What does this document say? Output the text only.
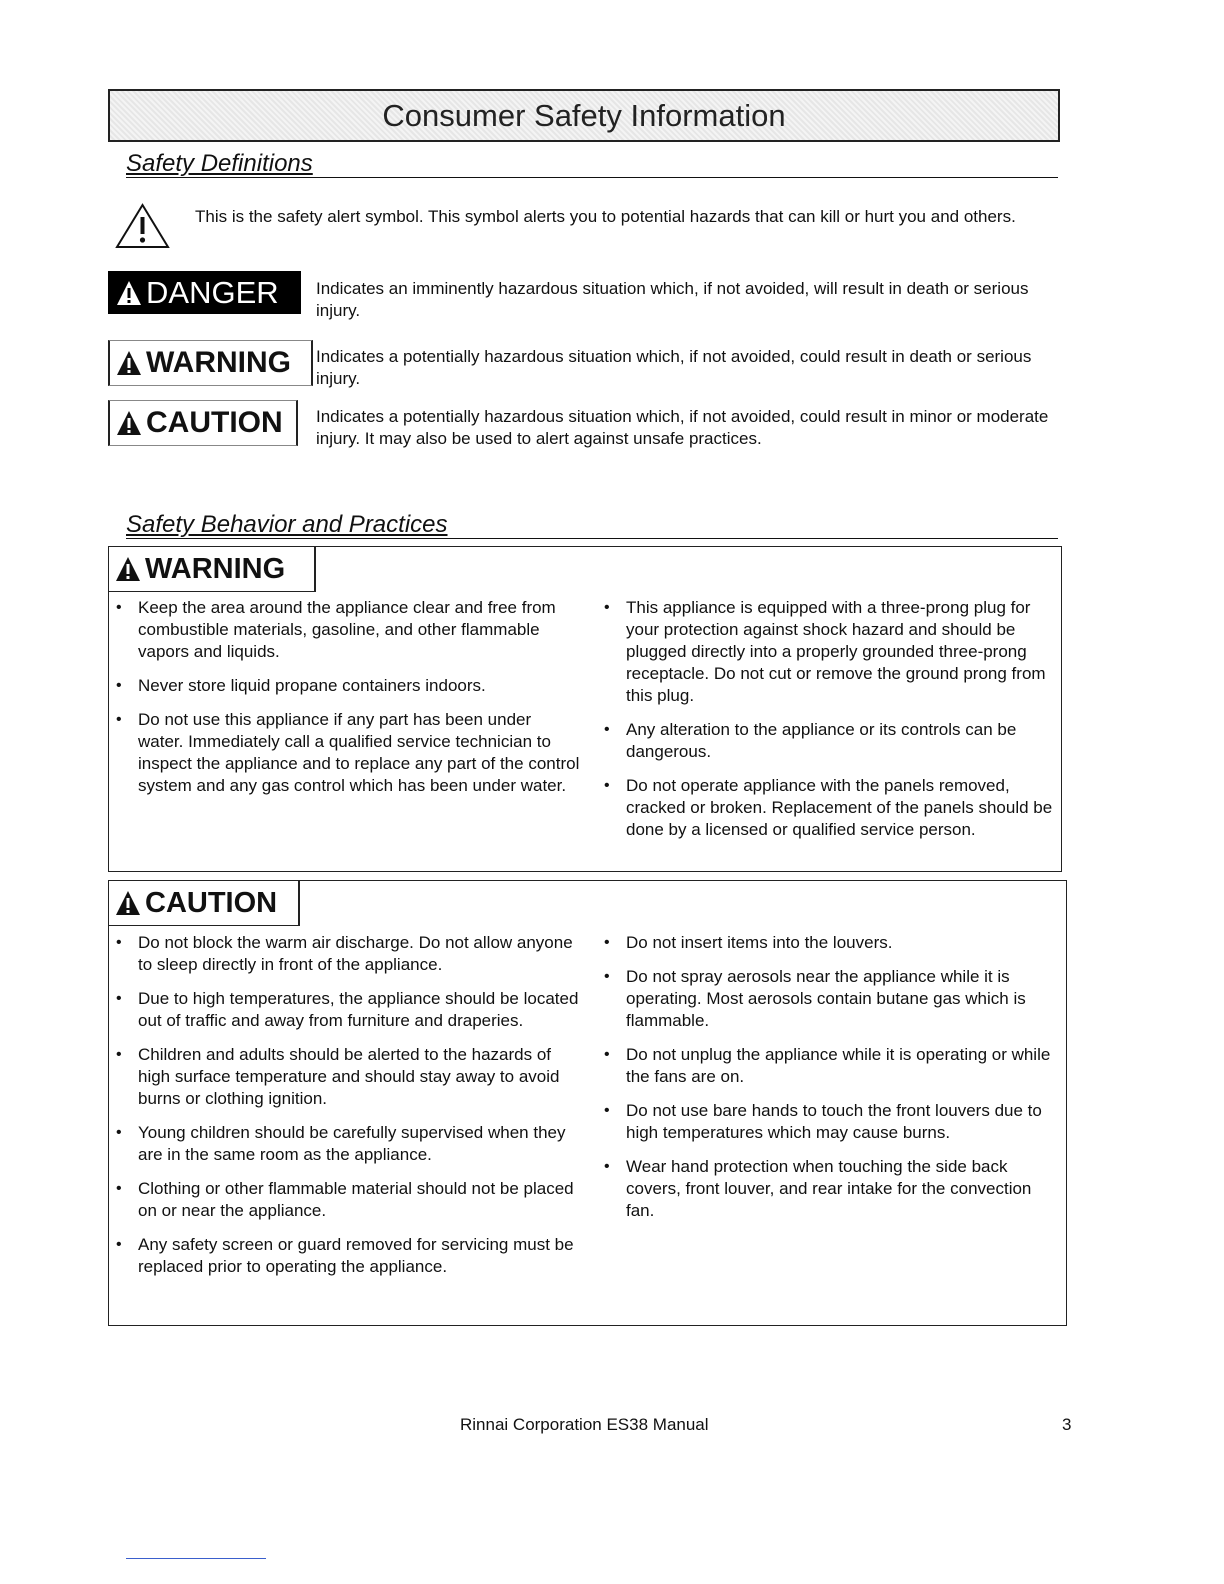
Consumer Safety Information
Safety Definitions
This is the safety alert symbol. This symbol alerts you to potential hazards that can kill or hurt you and others.
DANGER Indicates an imminently hazardous situation which, if not avoided, will result in death or serious injury.
WARNING Indicates a potentially hazardous situation which, if not avoided, could result in death or serious injury.
CAUTION Indicates a potentially hazardous situation which, if not avoided, could result in minor or moderate injury. It may also be used to alert against unsafe practices.
Safety Behavior and Practices
WARNING
• Keep the area around the appliance clear and free from combustible materials, gasoline, and other flammable vapors and liquids.
• Never store liquid propane containers indoors.
• Do not use this appliance if any part has been under water. Immediately call a qualified service technician to inspect the appliance and to replace any part of the control system and any gas control which has been under water.
• This appliance is equipped with a three-prong plug for your protection against shock hazard and should be plugged directly into a properly grounded three-prong receptacle. Do not cut or remove the ground prong from this plug.
• Any alteration to the appliance or its controls can be dangerous.
• Do not operate appliance with the panels removed, cracked or broken. Replacement of the panels should be done by a licensed or qualified service person.
CAUTION
• Do not block the warm air discharge. Do not allow anyone to sleep directly in front of the appliance.
• Due to high temperatures, the appliance should be located out of traffic and away from furniture and draperies.
• Children and adults should be alerted to the hazards of high surface temperature and should stay away to avoid burns or clothing ignition.
• Young children should be carefully supervised when they are in the same room as the appliance.
• Clothing or other flammable material should not be placed on or near the appliance.
• Any safety screen or guard removed for servicing must be replaced prior to operating the appliance.
• Do not insert items into the louvers.
• Do not spray aerosols near the appliance while it is operating. Most aerosols contain butane gas which is flammable.
• Do not unplug the appliance while it is operating or while the fans are on.
• Do not use bare hands to touch the front louvers due to high temperatures which may cause burns.
• Wear hand protection when touching the side back covers, front louver, and rear intake for the convection fan.
Rinnai Corporation ES38 Manual	3
